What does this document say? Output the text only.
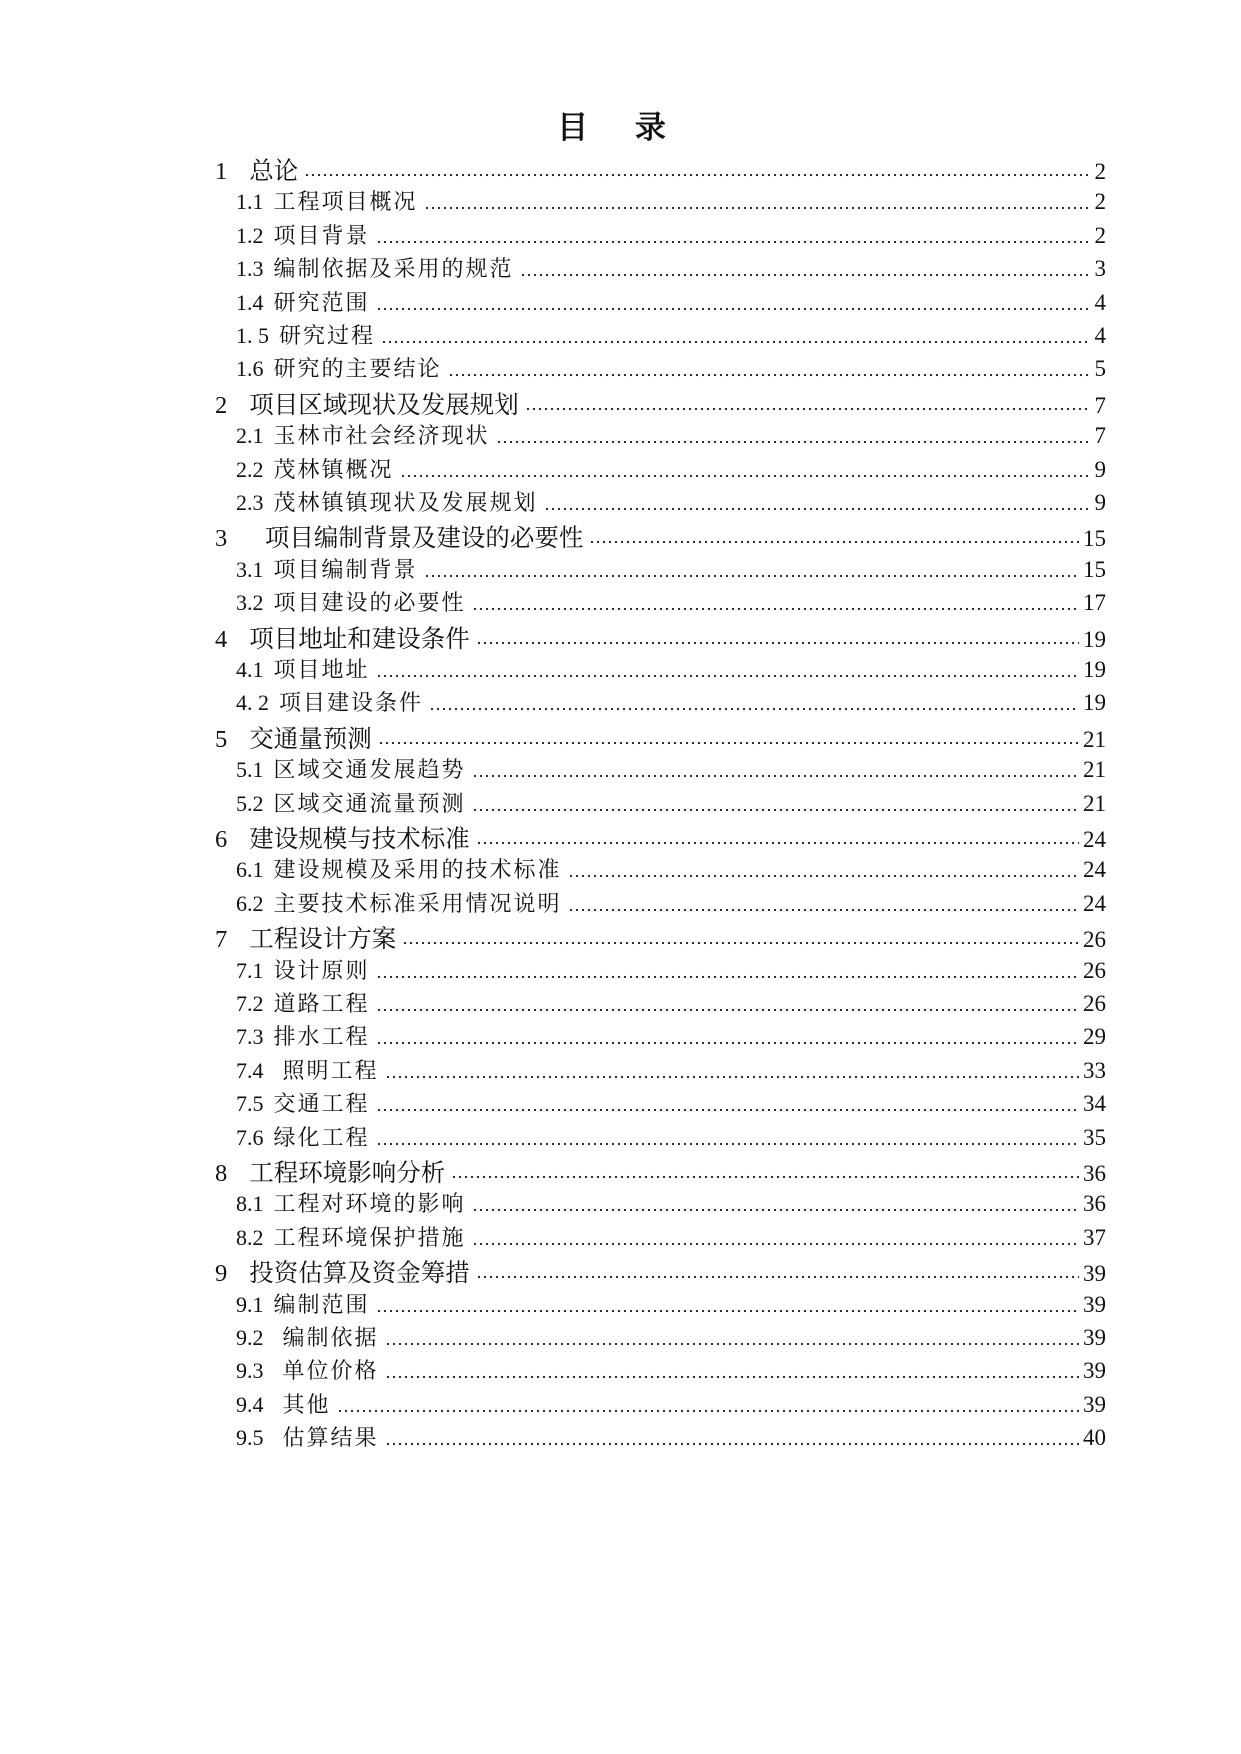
目 录
1 总论	2
1.1 工程项目概况	2
1.2 项目背景	2
1.3 编制依据及采用的规范	3
1.4 研究范围	4
1. 5 研究过程	4
1.6 研究的主要结论	5
2 项目区域现状及发展规划	7
2.1 玉林市社会经济现状	7
2.2 茂林镇概况	9
2.3 茂林镇镇现状及发展规划	9
3 项目编制背景及建设的必要性	15
3.1 项目编制背景	15
3.2 项目建设的必要性	17
4 项目地址和建设条件	19
4.1 项目地址	19
4. 2 项目建设条件	19
5 交通量预测	21
5.1 区域交通发展趋势	21
5.2 区域交通流量预测	21
6 建设规模与技术标准	24
6.1 建设规模及采用的技术标准	24
6.2 主要技术标准采用情况说明	24
7 工程设计方案	26
7.1 设计原则	26
7.2 道路工程	26
7.3 排水工程	29
7.4 照明工程	33
7.5 交通工程	34
7.6 绿化工程	35
8 工程环境影响分析	36
8.1 工程对环境的影响	36
8.2 工程环境保护措施	37
9 投资估算及资金筹措	39
9.1 编制范围	39
9.2 编制依据	39
9.3 单位价格	39
9.4 其他	39
9.5 估算结果	40
